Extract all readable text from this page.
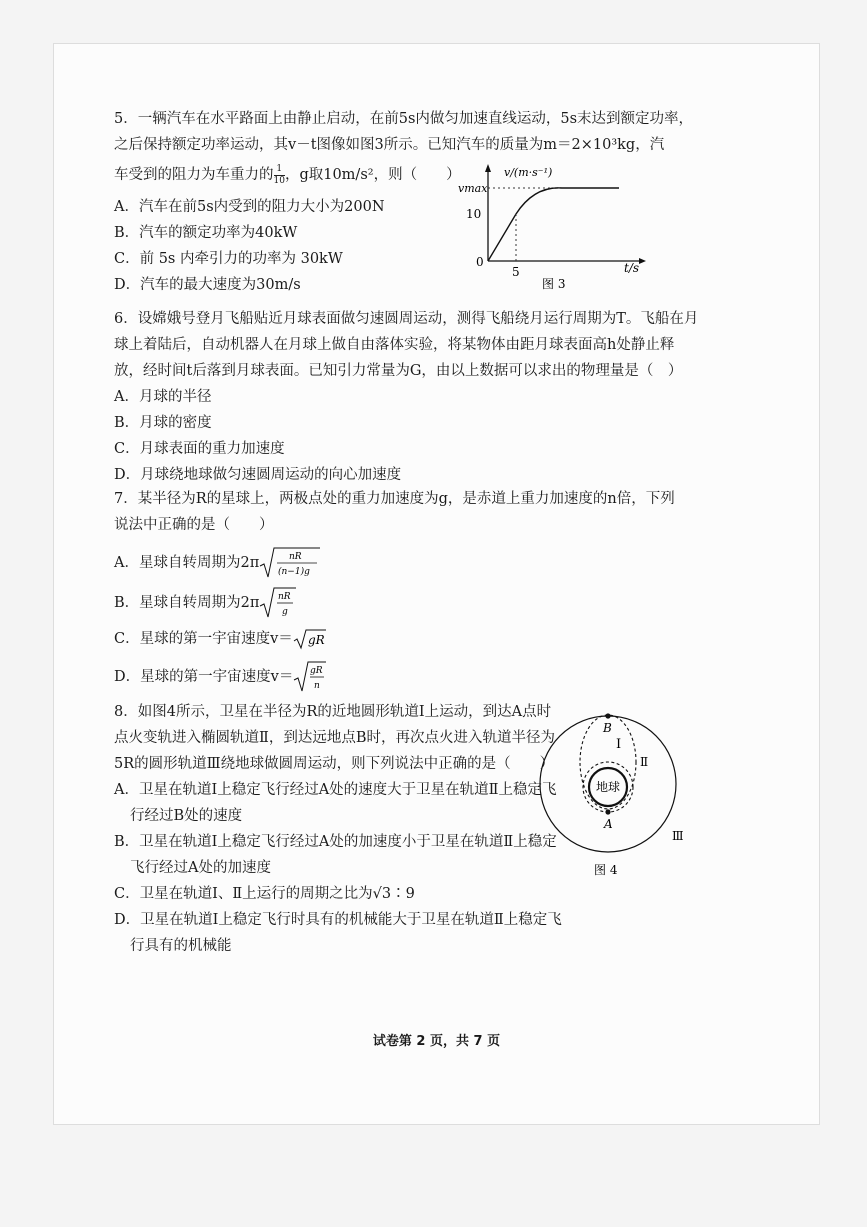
5．一辆汽车在水平路面上由静止启动，在前5s内做匀加速直线运动，5s末达到额定功率，
之后保持额定功率运动，其v－t图像如图3所示。已知汽车的质量为m＝2×10³kg，汽
车受到的阻力为车重力的 $\frac{1}{10}$ ，g取10m/s²，则（　　）
A．汽车在前5s内受到的阻力大小为200N
B．汽车的额定功率为40kW
C．前 5s 内牵引力的功率为 30kW
D．汽车的最大速度为30m/s
v/(m·s⁻¹)
vmax
10
5
0	t/s
图 3
6．设嫦娥号登月飞船贴近月球表面做匀速圆周运动，测得飞船绕月运行周期为T。飞船在月
球上着陆后，自动机器人在月球上做自由落体实验，将某物体由距月球表面高h处静止释
放，经时间t后落到月球表面。已知引力常量为G，由以上数据可以求出的物理量是（　）
A．月球的半径
B．月球的密度
C．月球表面的重力加速度
D．月球绕地球做匀速圆周运动的向心加速度
7．某半径为R的星球上，两极点处的重力加速度为g，是赤道上重力加速度的n倍，下列
说法中正确的是（　　）
A．星球自转周期为2π	nR
(n−1)g
B．星球自转周期为2π nR
g
C．星球的第一宇宙速度v＝ gR
D．星球的第一宇宙速度v＝ gR
n
8．如图4所示，卫星在半径为R的近地圆形轨道Ⅰ上运动，到达A点时
点火变轨进入椭圆轨道Ⅱ，到达远地点B时，再次点火进入轨道半径为
5R的圆形轨道Ⅲ绕地球做圆周运动，则下列说法中正确的是（　　）
A．卫星在轨道Ⅰ上稳定飞行经过A处的速度大于卫星在轨道Ⅱ上稳定飞
行经过B处的速度
B．卫星在轨道Ⅰ上稳定飞行经过A处的加速度小于卫星在轨道Ⅱ上稳定
飞行经过A处的加速度
C．卫星在轨道Ⅰ、Ⅱ上运行的周期之比为√3∶9
D．卫星在轨道Ⅰ上稳定飞行时具有的机械能大于卫星在轨道Ⅱ上稳定飞
行具有的机械能
地球
B
A
Ⅰ
Ⅱ
Ⅲ
图 4
试卷第 2 页，共 7 页
